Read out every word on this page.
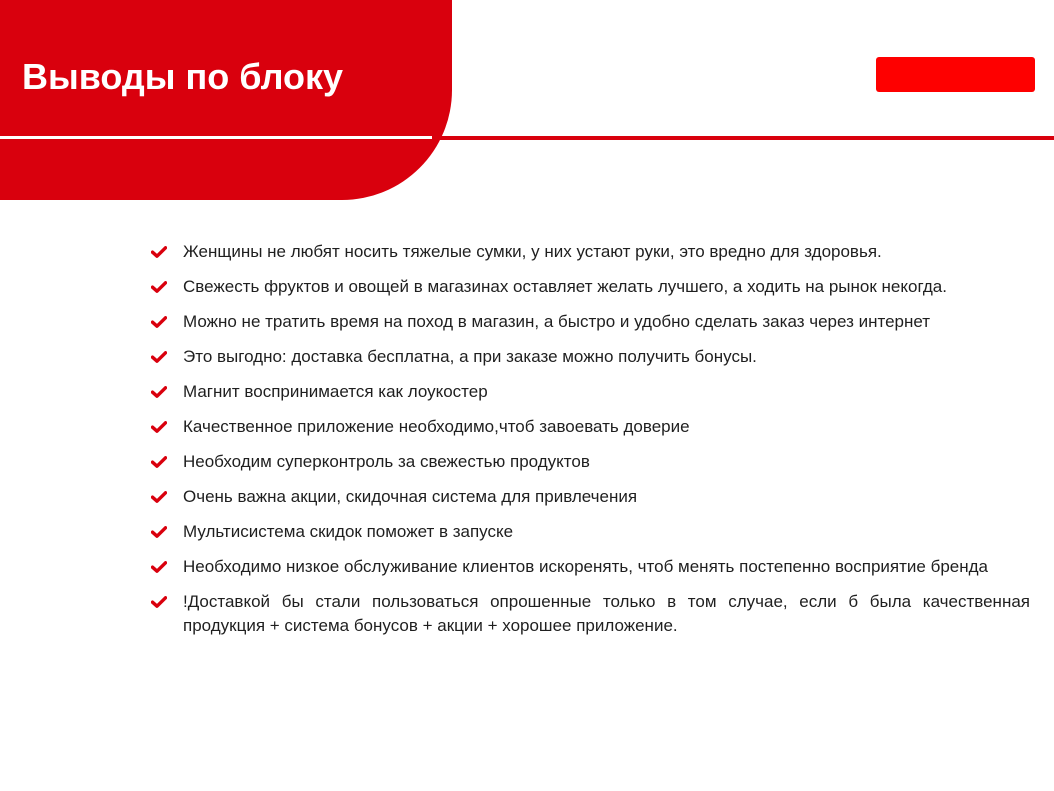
Выводы по блоку
Женщины не любят носить тяжелые сумки, у них устают руки, это вредно для здоровья.
Свежесть фруктов и овощей в магазинах оставляет желать лучшего, а ходить на рынок некогда.
Можно не тратить время на поход в магазин, а быстро и удобно сделать заказ через интернет
Это выгодно: доставка бесплатна, а при заказе можно получить бонусы.
Магнит воспринимается как лоукостер
Качественное приложение необходимо,чтоб завоевать доверие
Необходим суперконтроль за свежестью продуктов
Очень важна акции, скидочная система для привлечения
Мультисистема скидок поможет в запуске
Необходимо низкое обслуживание клиентов искоренять, чтоб менять постепенно восприятие бренда
!Доставкой бы стали пользоваться опрошенные только в том случае, если б была качественная продукция + система бонусов + акции + хорошее приложение.
